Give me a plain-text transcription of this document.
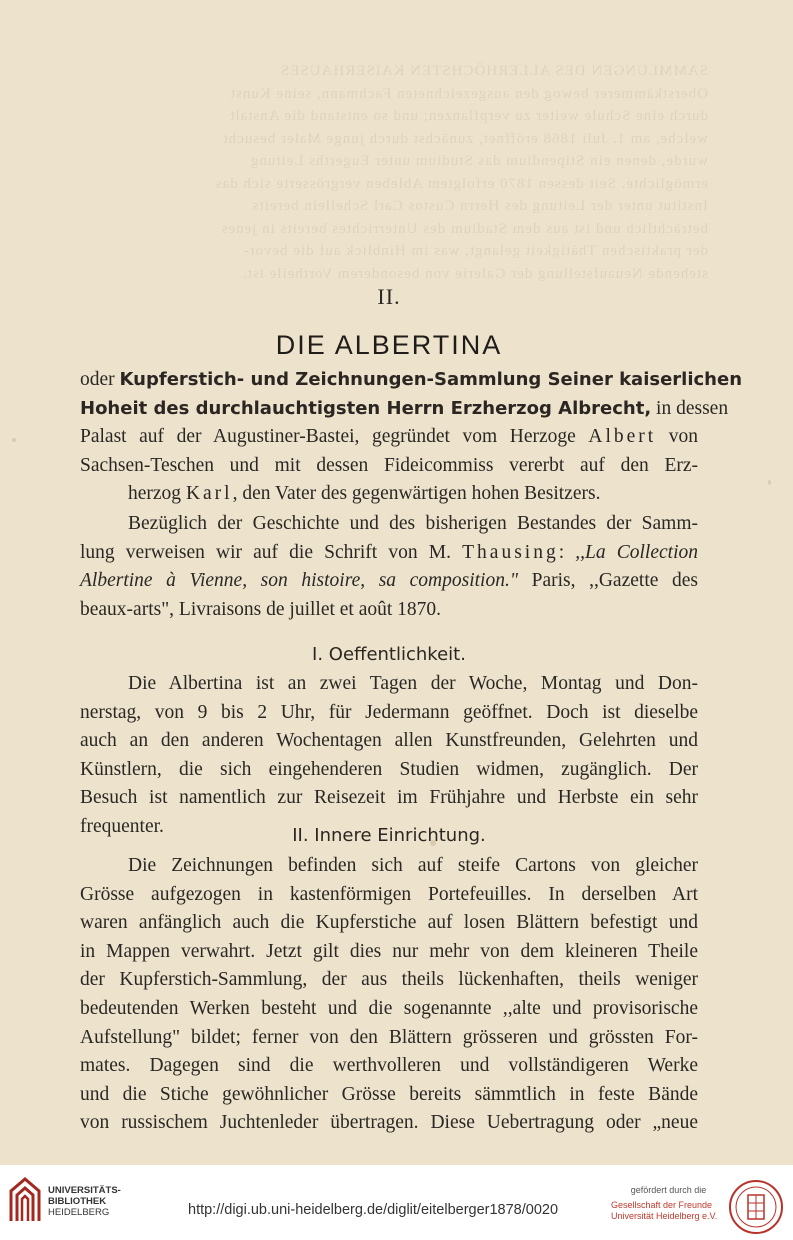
SAMMLUNGEN DES ALLERHÖCHSTEN KAISERHAUSES
Oberstkämmerer bewog den ausgezeichneten Fachmann, seine Kunst
durch eine Schule weiter zu verpflanzen; und so entstand die Anstalt
welche, am 1. Juli 1868 eröffnet, zunächst durch junge Maler besucht
wurde, denen ein Stipendium das Studium unter Eugerths Leitung
ermöglichte. Seit dessen 1870 erfolgtem Ableben vergrösserte sich das
Institut unter der Leitung des Herrn Custos Carl Schellein bereits
beträchtlich und ist aus dem Stadium des Unterrichtes bereits in jenes
der praktischen Thätigkeit gelangt, was im Hinblick auf die bevor-
stehende Neuaufstellung der Galerie von besonderem Vortheile ist.
II.
DIE ALBERTINA
oder Kupferstich- und Zeichnungen-Sammlung Seiner kaiserlichen
Hoheit des durchlauchtigsten Herrn Erzherzog Albrecht, in dessen
Palast auf der Augustiner-Bastei, gegründet vom Herzoge Albert von
Sachsen-Teschen und mit dessen Fideicommiss vererbt auf den Erz-
herzog Karl, den Vater des gegenwärtigen hohen Besitzers.
Bezüglich der Geschichte und des bisherigen Bestandes der Samm-
lung verweisen wir auf die Schrift von M. Thausing: ,,La Collection
Albertine à Vienne, son histoire, sa composition." Paris, ,,Gazette des
beaux-arts", Livraisons de juillet et août 1870.
I. Oeffentlichkeit.
Die Albertina ist an zwei Tagen der Woche, Montag und Don-
nerstag, von 9 bis 2 Uhr, für Jedermann geöffnet. Doch ist dieselbe
auch an den anderen Wochentagen allen Kunstfreunden, Gelehrten und
Künstlern, die sich eingehenderen Studien widmen, zugänglich. Der
Besuch ist namentlich zur Reisezeit im Frühjahre und Herbste ein sehr
frequenter.	II. Innere Einrichtung.
Die Zeichnungen befinden sich auf steife Cartons von gleicher
Grösse aufgezogen in kastenförmigen Portefeuilles. In derselben Art
waren anfänglich auch die Kupferstiche auf losen Blättern befestigt und
in Mappen verwahrt. Jetzt gilt dies nur mehr von dem kleineren Theile
der Kupferstich-Sammlung, der aus theils lückenhaften, theils weniger
bedeutenden Werken besteht und die sogenannte ,,alte und provisorische
Aufstellung" bildet; ferner von den Blättern grösseren und grössten For-
mates. Dagegen sind die werthvolleren und vollständigeren Werke
und die Stiche gewöhnlicher Grösse bereits sämmtlich in feste Bände
von russischem Juchtenleder übertragen. Diese Uebertragung oder „neue
UNIVERSITÄTS-
BIBLIOTHEK
HEIDELBERG	http://digi.ub.uni-heidelberg.de/diglit/eitelberger1878/0020
gefördert durch die
Gesellschaft der Freunde
Universität Heidelberg e.V.
